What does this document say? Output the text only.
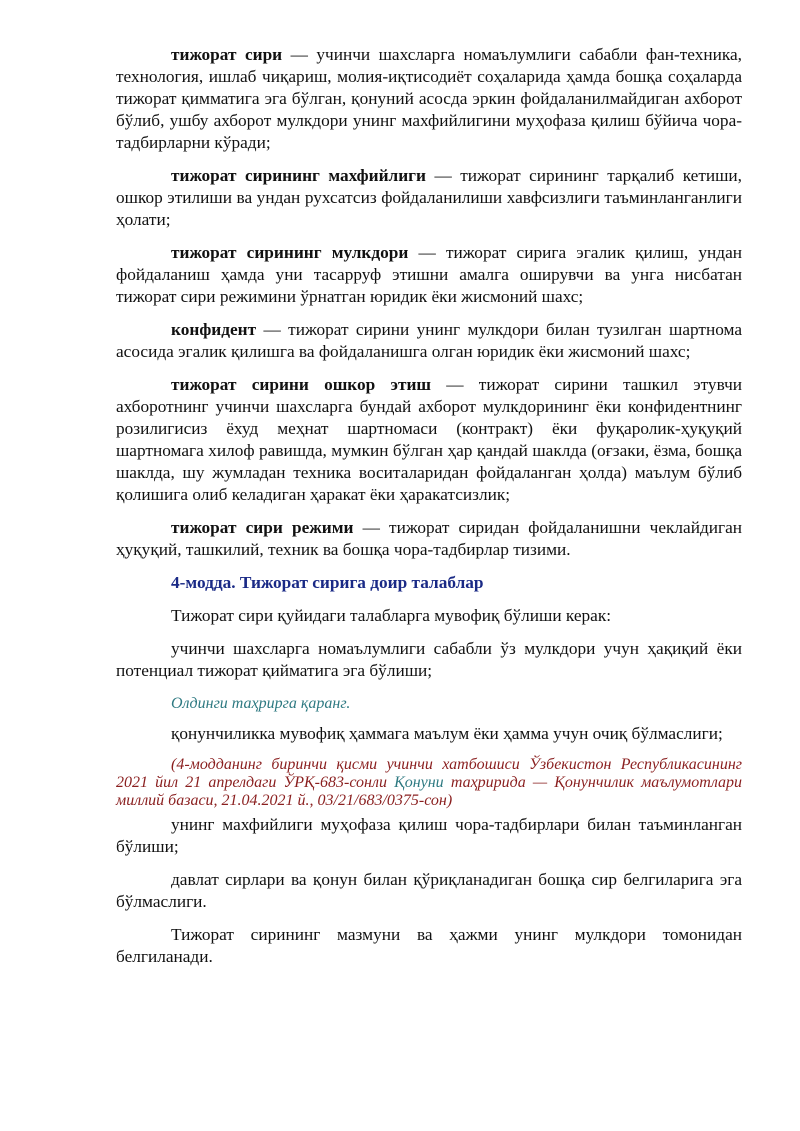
тижорат сири — учинчи шахсларга номаълумлиги сабабли фан-техника, технология, ишлаб чиқариш, молия-иқтисодиёт соҳаларида ҳамда бошқа соҳаларда тижорат қимматига эга бўлган, қонуний асосда эркин фойдаланилмайдиган ахборот бўлиб, ушбу ахборот мулкдори унинг махфийлигини муҳофаза қилиш бўйича чора-тадбирларни кўради;

тижорат сирининг махфийлиги — тижорат сирининг тарқалиб кетиши, ошкор этилиши ва ундан рухсатсиз фойдаланилиши хавфсизлиги таъминланганлиги ҳолати;

тижорат сирининг мулкдори — тижорат сирига эгалик қилиш, ундан фойдаланиш ҳамда уни тасарруф этишни амалга оширувчи ва унга нисбатан тижорат сири режимини ўрнатган юридик ёки жисмоний шахс;

конфидент — тижорат сирини унинг мулкдори билан тузилган шартнома асосида эгалик қилишга ва фойдаланишга олган юридик ёки жисмоний шахс;

тижорат сирини ошкор этиш — тижорат сирини ташкил этувчи ахборотнинг учинчи шахсларга бундай ахборот мулкдорининг ёки конфидентнинг розилигисиз ёхуд меҳнат шартномаси (контракт) ёки фуқаролик-ҳуқуқий шартномага хилоф равишда, мумкин бўлган ҳар қандай шаклда (оғзаки, ёзма, бошқа шаклда, шу жумладан техника воситаларидан фойдаланган ҳолда) маълум бўлиб қолишига олиб келадиган ҳаракат ёки ҳаракатсизлик;

тижорат сири режими — тижорат сиридан фойдаланишни чеклайдиган ҳуқуқий, ташкилий, техник ва бошқа чора-тадбирлар тизими.

4-модда. Тижорат сирига доир талаблар

Тижорат сири қуйидаги талабларга мувофиқ бўлиши керак:

учинчи шахсларга номаълумлиги сабабли ўз мулкдори учун ҳақиқий ёки потенциал тижорат қийматига эга бўлиши;

Олдинги таҳрирга қаранг.

қонунчиликка мувофиқ ҳаммага маълум ёки ҳамма учун очиқ бўлмаслиги;

(4-модданинг биринчи қисми учинчи хатбошиси Ўзбекистон Республикасининг 2021 йил 21 апрелдаги ЎРҚ-683-сонли Қонуни таҳририда — Қонунчилик маълумотлари миллий базаси, 21.04.2021 й., 03/21/683/0375-сон)

унинг махфийлиги муҳофаза қилиш чора-тадбирлари билан таъминланган бўлиши;

давлат сирлари ва қонун билан қўриқланадиган бошқа сир белгиларига эга бўлмаслиги.

Тижорат сирининг мазмуни ва ҳажми унинг мулкдори томонидан белгиланади.
